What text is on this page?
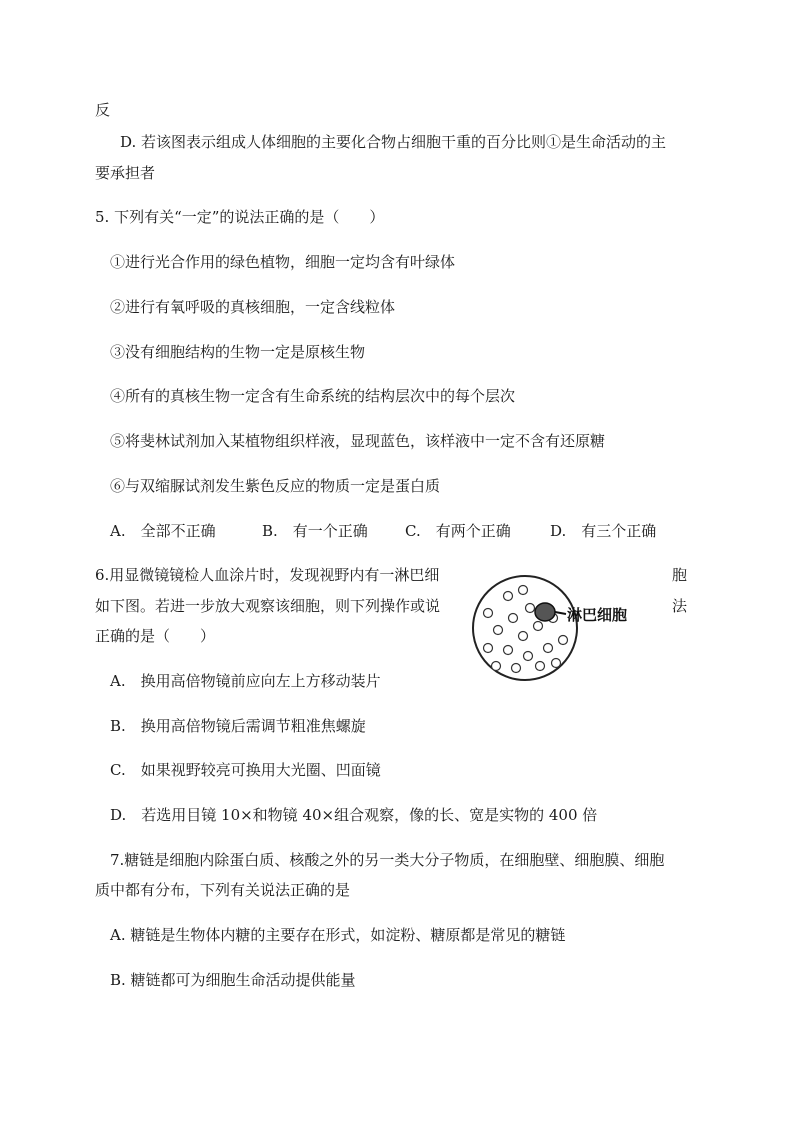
反
D. 若该图表示组成人体细胞的主要化合物占细胞干重的百分比则①是生命活动的主
要承担者
5. 下列有关“一定”的说法正确的是（　　）
①进行光合作用的绿色植物，细胞一定均含有叶绿体
②进行有氧呼吸的真核细胞，一定含线粒体
③没有细胞结构的生物一定是原核生物
④所有的真核生物一定含有生命系统的结构层次中的每个层次
⑤将斐林试剂加入某植物组织样液，显现蓝色，该样液中一定不含有还原糖
⑥与双缩脲试剂发生紫色反应的物质一定是蛋白质
A.　全部不正确	B.　有一个正确 C.　有两个正确	D.　有三个正确
6.用显微镜镜检人血涂片时，发现视野内有一淋巴细	胞
如下图。若进一步放大观察该细胞，则下列操作或说	法
正确的是（　　）
淋巴细胞
A.　换用高倍物镜前应向左上方移动装片
B.　换用高倍物镜后需调节粗准焦螺旋
C.　如果视野较亮可换用大光圈、凹面镜
D.　若选用目镜 10×和物镜 40×组合观察，像的长、宽是实物的 400 倍
7.糖链是细胞内除蛋白质、核酸之外的另一类大分子物质，在细胞壁、细胞膜、细胞
质中都有分布，下列有关说法正确的是
A. 糖链是生物体内糖的主要存在形式，如淀粉、糖原都是常见的糖链
B. 糖链都可为细胞生命活动提供能量
